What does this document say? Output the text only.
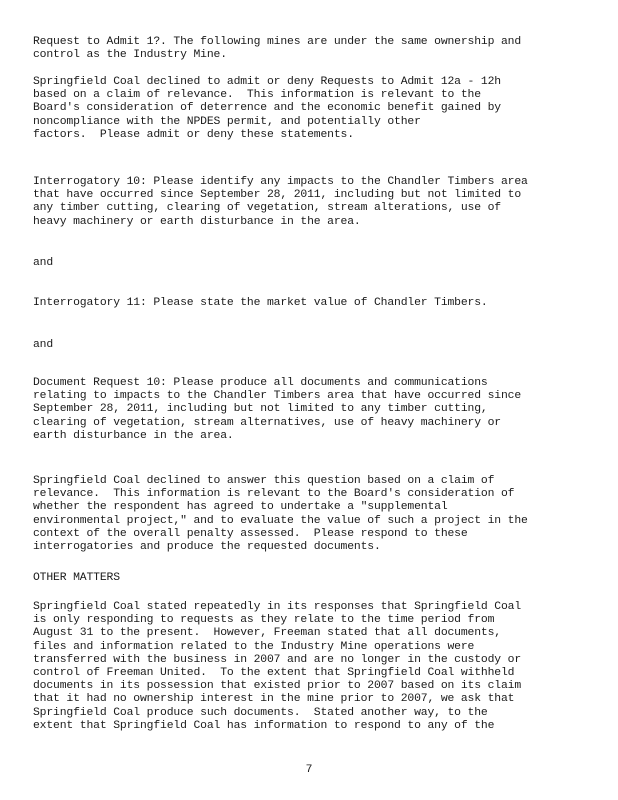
Request to Admit 1?. The following mines are under the same ownership and
control as the Industry Mine.

Springfield Coal declined to admit or deny Requests to Admit 12a - 12h
based on a claim of relevance.  This information is relevant to the
Board's consideration of deterrence and the economic benefit gained by
noncompliance with the NPDES permit, and potentially other
factors.  Please admit or deny these statements.

Interrogatory 10: Please identify any impacts to the Chandler Timbers area
that have occurred since September 28, 2011, including but not limited to
any timber cutting, clearing of vegetation, stream alterations, use of
heavy machinery or earth disturbance in the area.

and

Interrogatory 11: Please state the market value of Chandler Timbers.

and

Document Request 10: Please produce all documents and communications
relating to impacts to the Chandler Timbers area that have occurred since
September 28, 2011, including but not limited to any timber cutting,
clearing of vegetation, stream alternatives, use of heavy machinery or
earth disturbance in the area.

Springfield Coal declined to answer this question based on a claim of
relevance.  This information is relevant to the Board's consideration of
whether the respondent has agreed to undertake a "supplemental
environmental project," and to evaluate the value of such a project in the
context of the overall penalty assessed.  Please respond to these
interrogatories and produce the requested documents.

OTHER MATTERS

Springfield Coal stated repeatedly in its responses that Springfield Coal
is only responding to requests as they relate to the time period from
August 31 to the present.  However, Freeman stated that all documents,
files and information related to the Industry Mine operations were
transferred with the business in 2007 and are no longer in the custody or
control of Freeman United.  To the extent that Springfield Coal withheld
documents in its possession that existed prior to 2007 based on its claim
that it had no ownership interest in the mine prior to 2007, we ask that
Springfield Coal produce such documents.  Stated another way, to the
extent that Springfield Coal has information to respond to any of the

7
